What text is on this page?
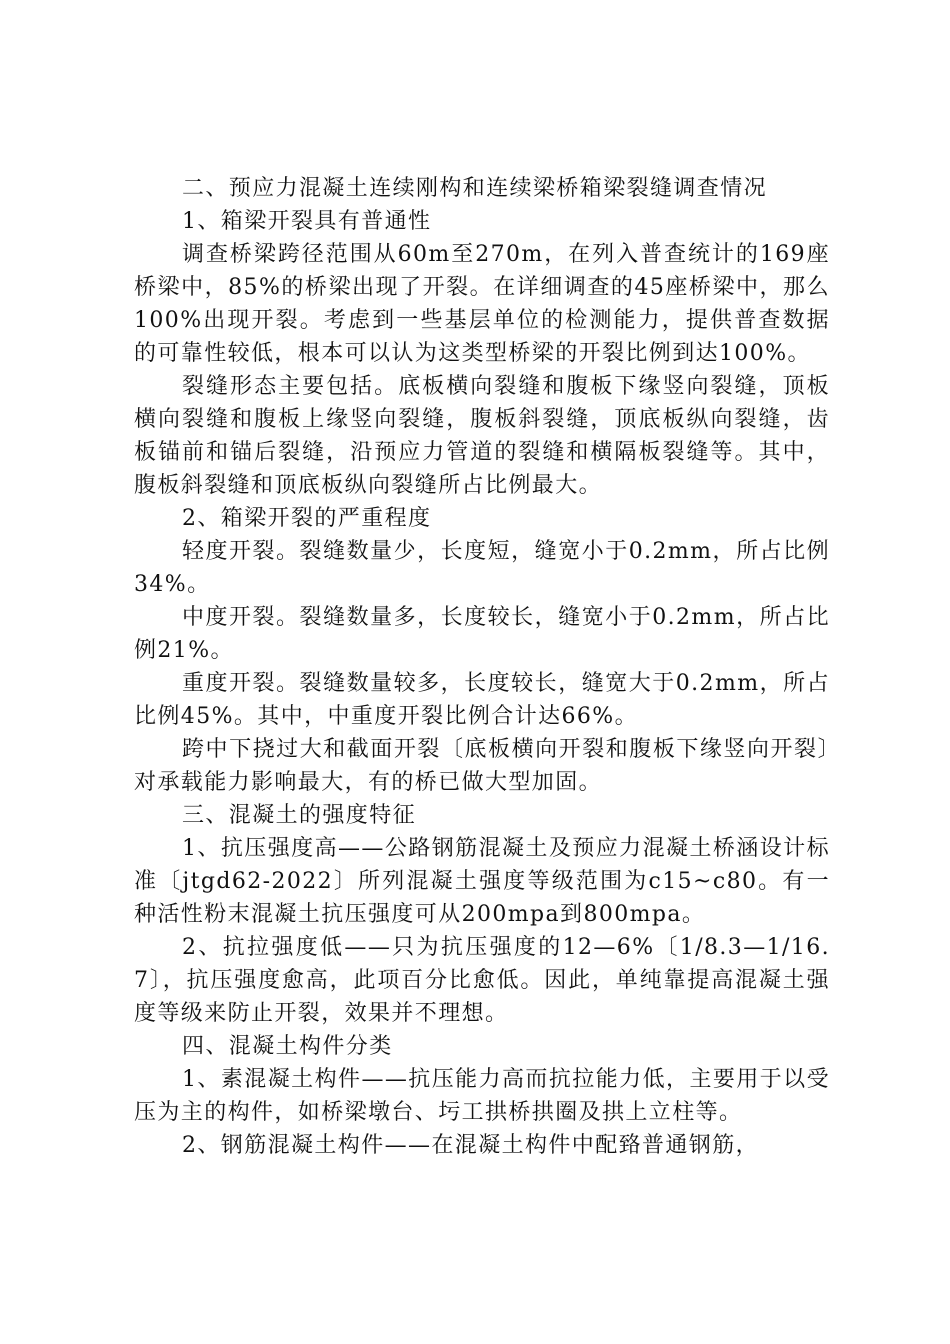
二、预应力混凝土连续刚构和连续梁桥箱梁裂缝调查情况

1、箱梁开裂具有普通性

调查桥梁跨径范围从60m至270m，在列入普查统计的169座桥梁中，85%的桥梁出现了开裂。在详细调查的45座桥梁中，那么100%出现开裂。考虑到一些基层单位的检测能力，提供普查数据的可靠性较低，根本可以认为这类型桥梁的开裂比例到达100%。

裂缝形态主要包括。底板横向裂缝和腹板下缘竖向裂缝，顶板横向裂缝和腹板上缘竖向裂缝，腹板斜裂缝，顶底板纵向裂缝，齿板锚前和锚后裂缝，沿预应力管道的裂缝和横隔板裂缝等。其中，腹板斜裂缝和顶底板纵向裂缝所占比例最大。

2、箱梁开裂的严重程度

轻度开裂。裂缝数量少，长度短，缝宽小于0.2mm，所占比例34%。

中度开裂。裂缝数量多，长度较长，缝宽小于0.2mm，所占比例21%。

重度开裂。裂缝数量较多，长度较长，缝宽大于0.2mm，所占比例45%。其中，中重度开裂比例合计达66%。

跨中下挠过大和截面开裂〔底板横向开裂和腹板下缘竖向开裂〕对承载能力影响最大，有的桥已做大型加固。

三、混凝土的强度特征

1、抗压强度高——公路钢筋混凝土及预应力混凝土桥涵设计标准〔jtgd62-2022〕所列混凝土强度等级范围为c15~c80。有一种活性粉末混凝土抗压强度可从200mpa到800mpa。

2、抗拉强度低——只为抗压强度的12—6%〔1/8.3—1/16.7〕，抗压强度愈高，此项百分比愈低。因此，单纯靠提高混凝土强度等级来防止开裂，效果并不理想。

四、混凝土构件分类

1、素混凝土构件——抗压能力高而抗拉能力低，主要用于以受压为主的构件，如桥梁墩台、圬工拱桥拱圈及拱上立柱等。

2、钢筋混凝土构件——在混凝土构件中配臵普通钢筋，
